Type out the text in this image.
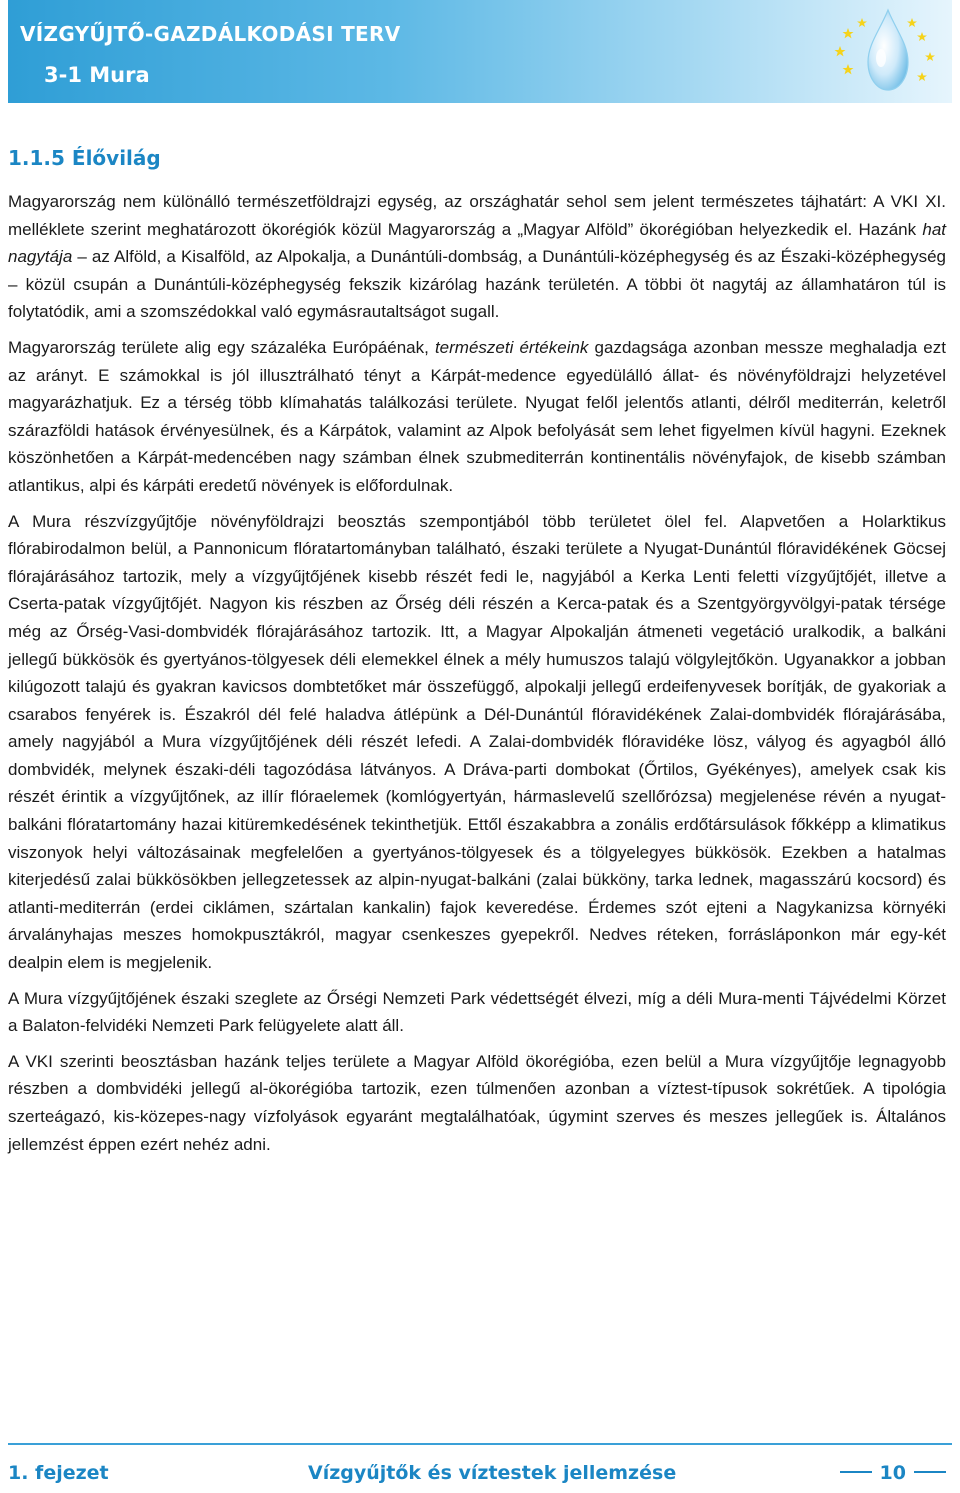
VÍZGYŰJTŐ-GAZDÁLKODÁSI TERV
3-1 Mura
1.1.5 Élővilág

Magyarország nem különálló természetföldrajzi egység, az országhatár sehol sem jelent természetes tájhatárt: A VKI XI. melléklete szerint meghatározott ökorégiók közül Magyarország a „Magyar Alföld” ökorégióban helyezkedik el. Hazánk hat nagytája – az Alföld, a Kisalföld, az Alpokalja, a Dunántúli-dombság, a Dunántúli-középhegység és az Északi-középhegység – közül csupán a Dunántúli-középhegység fekszik kizárólag hazánk területén. A többi öt nagytáj az államhatáron túl is folytatódik, ami a szomszédokkal való egymásrautaltságot sugall.

Magyarország területe alig egy százaléka Európáénak, természeti értékeink gazdagsága azonban messze meghaladja ezt az arányt. E számokkal is jól illusztrálható tényt a Kárpát-medence egyedülálló állat- és növényföldrajzi helyzetével magyarázhatjuk. Ez a térség több klímahatás találkozási területe. Nyugat felől jelentős atlanti, délről mediterrán, keletről szárazföldi hatások érvényesülnek, és a Kárpátok, valamint az Alpok befolyását sem lehet figyelmen kívül hagyni. Ezeknek köszönhetően a Kárpát-medencében nagy számban élnek szubmediterrán kontinentális növényfajok, de kisebb számban atlantikus, alpi és kárpáti eredetű növények is előfordulnak.

A Mura részvízgyűjtője növényföldrajzi beosztás szempontjából több területet ölel fel. Alapvetően a Holarktikus flórabirodalmon belül, a Pannonicum flóratartományban található, északi területe a Nyugat-Dunántúl flóravidékének Göcsej flórajárásához tartozik, mely a vízgyűjtőjének kisebb részét fedi le, nagyjából a Kerka Lenti feletti vízgyűjtőjét, illetve a Cserta-patak vízgyűjtőjét. Nagyon kis részben az Őrség déli részén a Kerca-patak és a Szentgyörgyvölgyi-patak térsége még az Őrség-Vasi-dombvidék flórajárásához tartozik. Itt, a Magyar Alpokalján átmeneti vegetáció uralkodik, a balkáni jellegű bükkösök és gyertyános-tölgyesek déli elemekkel élnek a mély humuszos talajú völgylejtőkön. Ugyanakkor a jobban kilúgozott talajú és gyakran kavicsos dombtetőket már összefüggő, alpokalji jellegű erdeifenyvesek borítják, de gyakoriak a csarabos fenyérek is. Északról dél felé haladva átlépünk a Dél-Dunántúl flóravidékének Zalai-dombvidék flórajárásába, amely nagyjából a Mura vízgyűjtőjének déli részét lefedi. A Zalai-dombvidék flóravidéke lösz, vályog és agyagból álló dombvidék, melynek északi-déli tagozódása látványos. A Dráva-parti dombokat (Őrtilos, Gyékényes), amelyek csak kis részét érintik a vízgyűjtőnek, az illír flóraelemek (komlógyertyán, hármaslevelű szellőrózsa) megjelenése révén a nyugat-balkáni flóratartomány hazai kitüremkedésének tekinthetjük. Ettől északabbra a zonális erdőtársulások főkképp a klimatikus viszonyok helyi változásainak megfelelően a gyertyános-tölgyesek és a tölgyelegyes bükkösök. Ezekben a hatalmas kiterjedésű zalai bükkösökben jellegzetessek az alpin-nyugat-balkáni (zalai bükköny, tarka lednek, magasszárú kocsord) és atlanti-mediterrán (erdei ciklámen, szártalan kankalin) fajok keveredése. Érdemes szót ejteni a Nagykanizsa környéki árvalányhajas meszes homokpusztákról, magyar csenkeszes gyepekről. Nedves réteken, forrásláponkon már egy-két dealpin elem is megjelenik.

A Mura vízgyűjtőjének északi szeglete az Őrségi Nemzeti Park védettségét élvezi, míg a déli Mura-menti Tájvédelmi Körzet a Balaton-felvidéki Nemzeti Park felügyelete alatt áll.

A VKI szerinti beosztásban hazánk teljes területe a Magyar Alföld ökorégióba, ezen belül a Mura vízgyűjtője legnagyobb részben a dombvidéki jellegű al-ökorégióba tartozik, ezen túlmenően azonban a víztest-típusok sokrétűek. A tipológia szerteágazó, kis-közepes-nagy vízfolyások egyaránt megtalálhatóak, úgymint szerves és meszes jellegűek is. Általános jellemzést éppen ezért nehéz adni.

1. fejezet	Vízgyűjtők és víztestek jellemzése	10
